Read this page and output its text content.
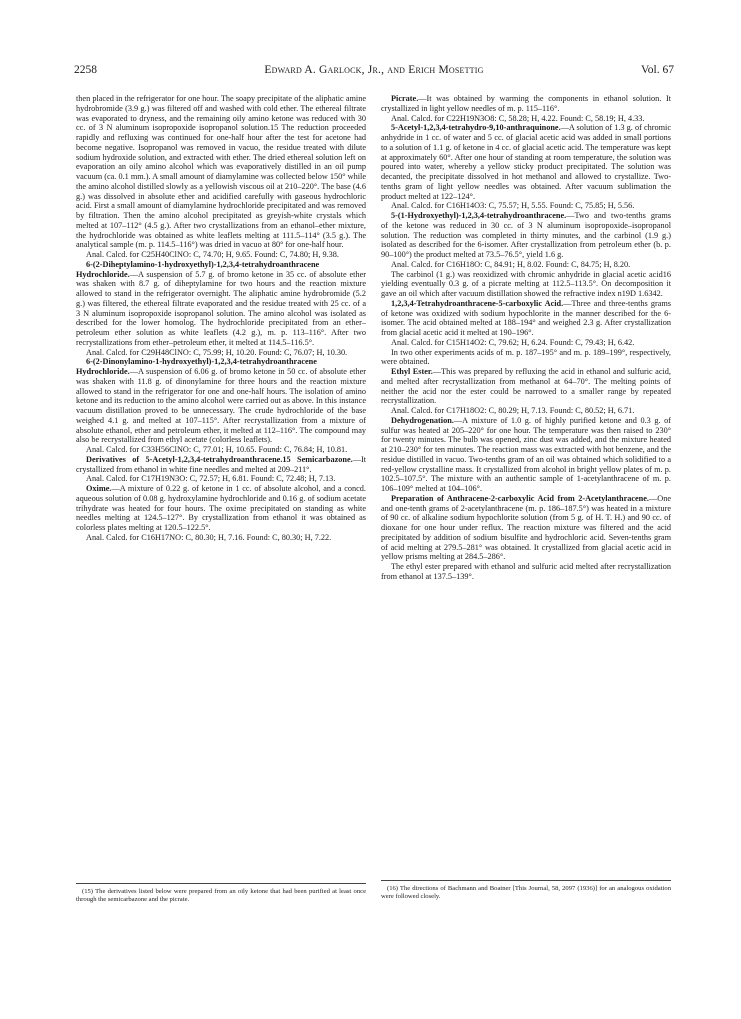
2258	Edward A. Garlock, Jr., and Erich Mosettig	Vol. 67

then placed in the refrigerator for one hour. The soapy precipitate of the aliphatic amine hydrobromide (3.9 g.) was filtered off and washed with cold ether. The ethereal filtrate was evaporated to dryness, and the remaining oily amino ketone was reduced with 30 cc. of 3 N aluminum isopropoxide isopropanol solution.15 The reduction proceeded rapidly and refluxing was continued for one-half hour after the test for acetone had become negative. Isopropanol was removed in vacuo, the residue treated with dilute sodium hydroxide solution, and extracted with ether. The dried ethereal solution left on evaporation an oily amino alcohol which was evaporatively distilled in an oil pump vacuum (ca. 0.1 mm.). A small amount of diamylamine was collected below 150° while the amino alcohol distilled slowly as a yellowish viscous oil at 210–220°. The base (4.6 g.) was dissolved in absolute ether and acidified carefully with gaseous hydrochloric acid. First a small amount of diamylamine hydrochloride precipitated and was removed by filtration. Then the amino alcohol precipitated as greyish-white crystals which melted at 107–112° (4.5 g.). After two crystallizations from an ethanol–ether mixture, the hydrochloride was obtained as white leaflets melting at 111.5–114° (3.5 g.). The analytical sample (m. p. 114.5–116°) was dried in vacuo at 80° for one-half hour.

Anal. Calcd. for C25H40ClNO: C, 74.70; H, 9.65. Found: C, 74.80; H, 9.38.

6-(2-Diheptylamino-1-hydroxyethyl)-1,2,3,4-tetrahydroanthracene Hydrochloride.—A suspension of 5.7 g. of bromo ketone in 35 cc. of absolute ether was shaken with 8.7 g. of diheptylamine for two hours and the reaction mixture allowed to stand in the refrigerator overnight. The aliphatic amine hydrobromide (5.2 g.) was filtered, the ethereal filtrate evaporated and the residue treated with 25 cc. of a 3 N aluminum isopropoxide isopropanol solution. The amino alcohol was isolated as described for the lower homolog. The hydrochloride precipitated from an ether–petroleum ether solution as white leaflets (4.2 g.), m. p. 113–116°. After two recrystallizations from ether–petroleum ether, it melted at 114.5–116.5°.

Anal. Calcd. for C29H48ClNO: C, 75.99; H, 10.20. Found: C, 76.07; H, 10.30.

6-(2-Dinonylamino-1-hydroxyethyl)-1,2,3,4-tetrahydroanthracene Hydrochloride.—A suspension of 6.06 g. of bromo ketone in 50 cc. of absolute ether was shaken with 11.8 g. of dinonylamine for three hours and the reaction mixture allowed to stand in the refrigerator for one and one-half hours. The isolation of amino ketone and its reduction to the amino alcohol were carried out as above. In this instance vacuum distillation proved to be unnecessary. The crude hydrochloride of the base weighed 4.1 g. and melted at 107–115°. After recrystallization from a mixture of absolute ethanol, ether and petroleum ether, it melted at 112–116°. The compound may also be recrystallized from ethyl acetate (colorless leaflets).

Anal. Calcd. for C33H56ClNO: C, 77.01; H, 10.65. Found: C, 76.84; H, 10.81.

Derivatives of 5-Acetyl-1,2,3,4-tetrahydroanthracene.15 Semicarbazone.—It crystallized from ethanol in white fine needles and melted at 209–211°.

Anal. Calcd. for C17H19N3O: C, 72.57; H, 6.81. Found: C, 72.48; H, 7.13.

Oxime.—A mixture of 0.22 g. of ketone in 1 cc. of absolute alcohol, and a concd. aqueous solution of 0.08 g. hydroxylamine hydrochloride and 0.16 g. of sodium acetate trihydrate was heated for four hours. The oxime precipitated on standing as white needles melting at 124.5–127°. By crystallization from ethanol it was obtained as colorless plates melting at 120.5–122.5°.

Anal. Calcd. for C16H17NO: C, 80.30; H, 7.16. Found: C, 80.30; H, 7.22.

Picrate.—It was obtained by warming the components in ethanol solution. It crystallized in light yellow needles of m. p. 115–116°.

Anal. Calcd. for C22H19N3O8: C, 58.28; H, 4.22. Found: C, 58.19; H, 4.33.

5-Acetyl-1,2,3,4-tetrahydro-9,10-anthraquinone.—A solution of 1.3 g. of chromic anhydride in 1 cc. of water and 5 cc. of glacial acetic acid was added in small portions to a solution of 1.1 g. of ketone in 4 cc. of glacial acetic acid. The temperature was kept at approximately 60°. After one hour of standing at room temperature, the solution was poured into water, whereby a yellow sticky product precipitated. The solution was decanted, the precipitate dissolved in hot methanol and allowed to crystallize. Two-tenths gram of light yellow needles was obtained. After vacuum sublimation the product melted at 122–124°.

Anal. Calcd. for C16H14O3: C, 75.57; H, 5.55. Found: C, 75.85; H, 5.56.

5-(1-Hydroxyethyl)-1,2,3,4-tetrahydroanthracene.—Two and two-tenths grams of the ketone was reduced in 30 cc. of 3 N aluminum isopropoxide–isopropanol solution. The reduction was completed in thirty minutes, and the carbinol (1.9 g.) isolated as described for the 6-isomer. After crystallization from petroleum ether (b. p. 90–100°) the product melted at 73.5–76.5°, yield 1.6 g.

Anal. Calcd. for C16H18O: C, 84.91; H, 8.02. Found: C, 84.75; H, 8.20.

The carbinol (1 g.) was reoxidized with chromic anhydride in glacial acetic acid16 yielding eventually 0.3 g. of a picrate melting at 112.5–113.5°. On decomposition it gave an oil which after vacuum distillation showed the refractive index n19D 1.6342.

1,2,3,4-Tetrahydroanthracene-5-carboxylic Acid.—Three and three-tenths grams of ketone was oxidized with sodium hypochlorite in the manner described for the 6-isomer. The acid obtained melted at 188–194° and weighed 2.3 g. After crystallization from glacial acetic acid it melted at 190–196°.

Anal. Calcd. for C15H14O2: C, 79.62; H, 6.24. Found: C, 79.43; H, 6.42.

In two other experiments acids of m. p. 187–195° and m. p. 189–199°, respectively, were obtained.

Ethyl Ester.—This was prepared by refluxing the acid in ethanol and sulfuric acid, and melted after recrystallization from methanol at 64–70°. The melting points of neither the acid nor the ester could be narrowed to a smaller range by repeated recrystallization.

Anal. Calcd. for C17H18O2: C, 80.29; H, 7.13. Found: C, 80.52; H, 6.71.

Dehydrogenation.—A mixture of 1.0 g. of highly purified ketone and 0.3 g. of sulfur was heated at 205–220° for one hour. The temperature was then raised to 230° for twenty minutes. The bulb was opened, zinc dust was added, and the mixture heated at 210–230° for ten minutes. The reaction mass was extracted with hot benzene, and the residue distilled in vacuo. Two-tenths gram of an oil was obtained which solidified to a red-yellow crystalline mass. It crystallized from alcohol in bright yellow plates of m. p. 102.5–107.5°. The mixture with an authentic sample of 1-acetylanthracene of m. p. 106–109° melted at 104–106°.

Preparation of Anthracene-2-carboxylic Acid from 2-Acetylanthracene.—One and one-tenth grams of 2-acetylanthracene (m. p. 186–187.5°) was heated in a mixture of 90 cc. of alkaline sodium hypochlorite solution (from 5 g. of H. T. H.) and 90 cc. of dioxane for one hour under reflux. The reaction mixture was filtered and the acid precipitated by addition of sodium bisulfite and hydrochloric acid. Seven-tenths gram of acid melting at 279.5–281° was obtained. It crystallized from glacial acetic acid in yellow prisms melting at 284.5–286°.

The ethyl ester prepared with ethanol and sulfuric acid melted after recrystallization from ethanol at 137.5–139°.

(15) The derivatives listed below were prepared from an oily ketone that had been purified at least once through the semicarbazone and the picrate.

(16) The directions of Bachmann and Boatner [This Journal, 58, 2097 (1936)] for an analogous oxidation were followed closely.
